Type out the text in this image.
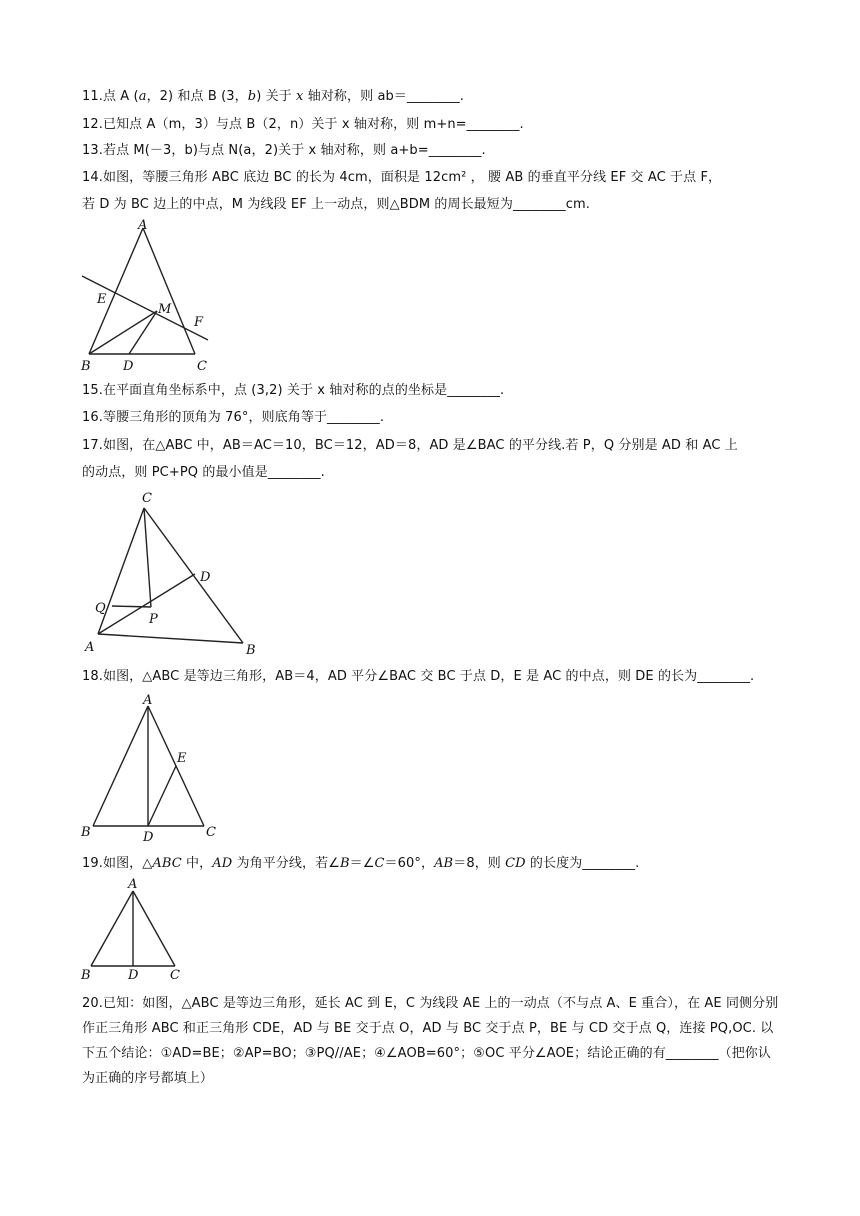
11.点 A (a，2) 和点 B (3，b) 关于 x 轴对称，则 ab＝________.
12.已知点 A（m，3）与点 B（2，n）关于 x 轴对称，则 m+n=________.
13.若点 M(－3，b)与点 N(a，2)关于 x 轴对称，则 a+b=________.
14.如图，等腰三角形 ABC 底边 BC 的长为 4cm，面积是 12cm² ， 腰 AB 的垂直平分线 EF 交 AC 于点 F，
若 D 为 BC 边上的中点，M 为线段 EF 上一动点，则△BDM 的周长最短为________cm.
A
B	C
D
E
F
M
15.在平面直角坐标系中，点 (3,2) 关于 x 轴对称的点的坐标是________.
16.等腰三角形的顶角为 76°，则底角等于________.
17.如图，在△ABC 中，AB＝AC＝10，BC＝12，AD＝8，AD 是∠BAC 的平分线.若 P，Q 分别是 AD 和 AC 上
的动点，则 PC+PQ 的最小值是________.
C
A	B
D
P
Q
18.如图，△ABC 是等边三角形，AB＝4，AD 平分∠BAC 交 BC 于点 D，E 是 AC 的中点，则 DE 的长为________.
A
B	C
D
E
19.如图，△ABC 中，AD 为角平分线，若∠B＝∠C＝60°，AB＝8，则 CD 的长度为________.
A
B	C
D
20.已知：如图，△ABC 是等边三角形，延长 AC 到 E，C 为线段 AE 上的一动点（不与点 A、E 重合），在 AE 同侧分别作正三角形 ABC 和正三角形 CDE，AD 与 BE 交于点 O，AD 与 BC 交于点 P，BE 与 CD 交于点 Q，连接 PQ,OC. 以下五个结论：①AD=BE；②AP=BO；③PQ//AE；④∠AOB=60°；⑤OC 平分∠AOE；结论正确的有________（把你认为正确的序号都填上）
